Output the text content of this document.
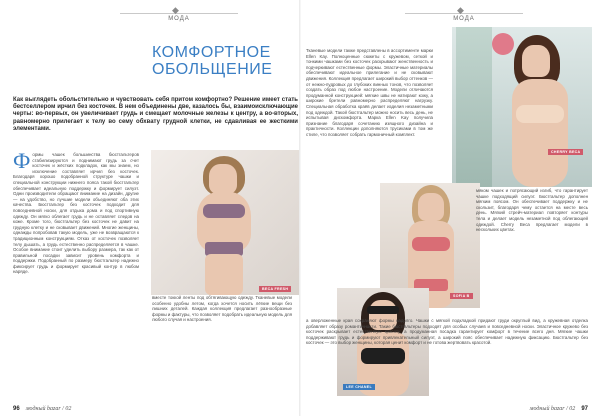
◆
МОДА
◆
МОДА
КОМФОРТНОЕ
ОБОЛЬЩЕНИЕ
Как выглядеть обольстительно и чувствовать себя притом комфортно? Решение имеет стать бестселлером ирчил без косточек. В нем объединены две, казалось бы, взаимоисключающие черты: во-первых, он увеличивает грудь и смещает молочные железы к центру, а во-вторых, равномерно прилегает к телу во сему обхвату грудной клетки, не сдавливая ее жесткими элементами.
Ф ормы чашек большинства бюстгальтеров стабилизируются и поднимают грудь за счет косточек и жёстких подкладок, как мы знаем, но исключение составляет ирчил без косточек. Благодаря хорошо подобранной структуре чашки и специальной конструкции нижнего пояса такой бюстгальтер обеспечивает идеальную поддержку и формирует силуэт. Одни производители обращают внимание на дизайн, другие — на удобство, но лучшие модели объединяют оба этих качества. Бюстгальтер без косточек подходит для повседневной носки, для отдыха дома и под спортивную одежду. Он мягко облегает грудь и не оставляет следов на коже. Кроме того, бюстгальтер без косточек не давит на грудную клетку и не сковывает движений. Многие женщины, однажды попробовав такую модель, уже не возвращаются к традиционным конструкциям. Отказ от косточек позволяет телу дышать, а грудь естественно распределяется в чашке. Особое внимание стоит уделить выбору размера, так как от правильной посадки зависит уровень комфорта и поддержки. Подобранный по размеру бюстгальтер надежно фиксирует грудь и формирует красивый контур в любом наряде.
BECA FRESH
вместе токкой ленты под обтягивающую одежду. Тканевые модели особенно удобны летом, когда хочется носить лёгкие вещи без лишних деталей. Каждая коллекция предлагает разнообразные формы и фактуры, что позволяет подобрать идеальную модель для любого случая и настроения.
Тканевые модели также представлены в ассортименте марки Ellen Kay. Полноценные сюжеты с кружевом, сеткой и тонкими чашками без косточек раскрывают женственность и подчеркивают естественные формы. Эластичные материалы обеспечивают идеальное прилегание и не сковывают движения. Коллекция предлагает широкий выбор оттенков — от нежно-пудровых до глубоких винных тонов, что позволяет создать образ под любое настроение. Модели отличаются продуманной конструкцией: мягкие швы не натирают кожу, а широкие бретели равномерно распределяют нагрузку. Специальная обработка краёв делает изделия незаметными под одеждой. Такой бюстгальтер можно носить весь день, не испытывая дискомфорта. Марка Ellen Kay получила признание благодаря сочетанию изящного дизайна и практичности. Коллекции дополняются трусиками в том же стиле, что позволяет собрать гармоничный комплект.
CHERRY BECA
SOFIA B
мяком чашек и потрясающий изгиб, что гарантирует чашке подходящий силуэт. Бюстгальтер дополнен мягким поясом. Он обеспечивает поддержку и не скользит, благодаря чему остается на месте весь день. Мягкий стрейч-материал повторяет контуры тела и делает модель незаметной под облегающей одеждой. Cherry Beca предлагает модели в нескольких цветах.
LEE CHANEL
а оверложенные края сохраняют формы надолго. Чашки с мягкой подкладкой придают груди округлый вид, а кружевная отделка добавляет образу романтичности. Такие бюстгальтеры подходят для особых случаев и повседневной носки. Эластичное кружево без косточек раскрывает естественную красоту, а продуманная посадка гарантирует комфорт в течение всего дня. Мягкие чашки поддерживают грудь и формируют привлекательный силуэт, а широкий пояс обеспечивает надежную фиксацию. Бюстгальтер без косточек — это выбор женщины, которая ценит комфорт и не готова жертвовать красотой.
96 модный bazar / 02	модный bazar / 02 97
